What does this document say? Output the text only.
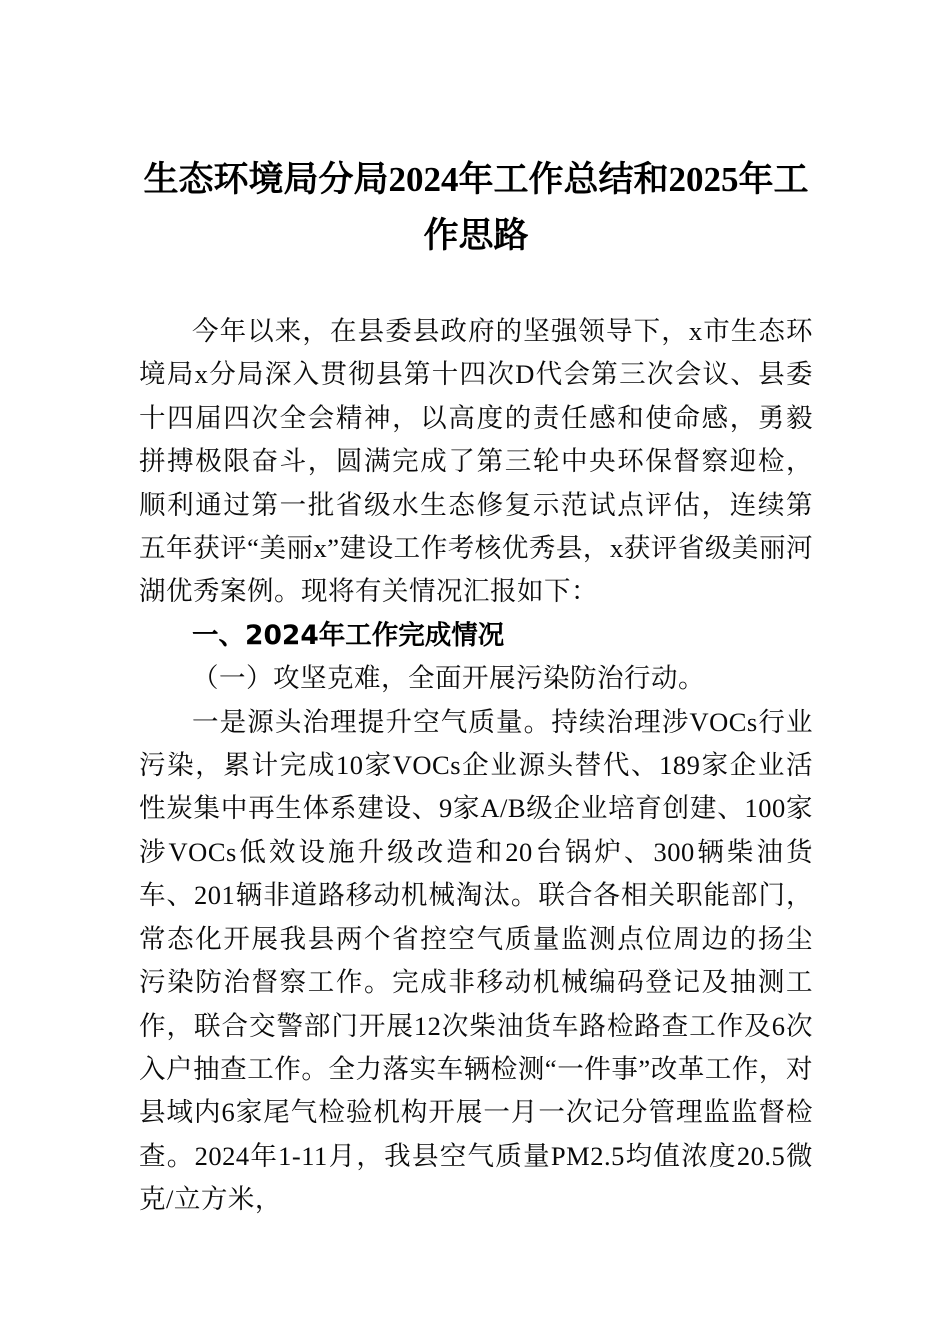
生态环境局分局2024年工作总结和2025年工作思路

今年以来，在县委县政府的坚强领导下，x市生态环境局x分局深入贯彻县第十四次D代会第三次会议、县委十四届四次全会精神，以高度的责任感和使命感，勇毅拼搏极限奋斗，圆满完成了第三轮中央环保督察迎检，顺利通过第一批省级水生态修复示范试点评估，连续第五年获评“美丽x”建设工作考核优秀县，x获评省级美丽河湖优秀案例。现将有关情况汇报如下：

一、2024年工作完成情况

（一）攻坚克难，全面开展污染防治行动。

一是源头治理提升空气质量。持续治理涉VOCs行业污染，累计完成10家VOCs企业源头替代、189家企业活性炭集中再生体系建设、9家A/B级企业培育创建、100家涉VOCs低效设施升级改造和20台锅炉、300辆柴油货车、201辆非道路移动机械淘汰。联合各相关职能部门，常态化开展我县两个省控空气质量监测点位周边的扬尘污染防治督察工作。完成非移动机械编码登记及抽测工作，联合交警部门开展12次柴油货车路检路查工作及6次入户抽查工作。全力落实车辆检测“一件事”改革工作，对县域内6家尾气检验机构开展一月一次记分管理监监督检查。2024年1-11月，我县空气质量PM2.5均值浓度20.5微克/立方米，
